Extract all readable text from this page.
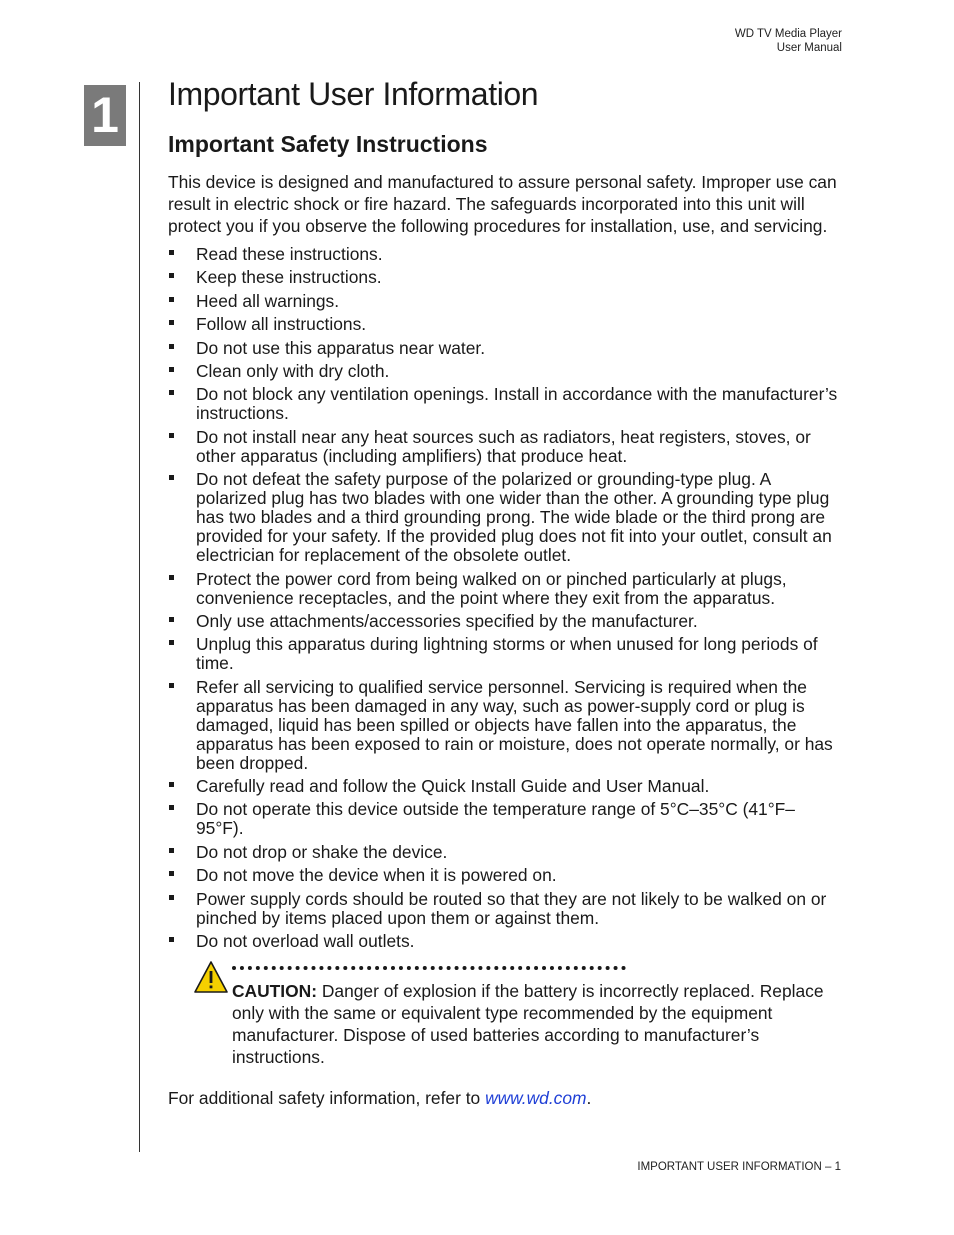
WD TV Media Player
User Manual
1 Important User Information
Important Safety Instructions

This device is designed and manufactured to assure personal safety. Improper use can result in electric shock or fire hazard. The safeguards incorporated into this unit will protect you if you observe the following procedures for installation, use, and servicing.

Read these instructions.
Keep these instructions.
Heed all warnings.
Follow all instructions.
Do not use this apparatus near water.
Clean only with dry cloth.
Do not block any ventilation openings. Install in accordance with the manufacturer’s instructions.
Do not install near any heat sources such as radiators, heat registers, stoves, or other apparatus (including amplifiers) that produce heat.
Do not defeat the safety purpose of the polarized or grounding-type plug. A polarized plug has two blades with one wider than the other. A grounding type plug has two blades and a third grounding prong. The wide blade or the third prong are provided for your safety. If the provided plug does not fit into your outlet, consult an electrician for replacement of the obsolete outlet.
Protect the power cord from being walked on or pinched particularly at plugs, convenience receptacles, and the point where they exit from the apparatus.
Only use attachments/accessories specified by the manufacturer.
Unplug this apparatus during lightning storms or when unused for long periods of time.
Refer all servicing to qualified service personnel. Servicing is required when the apparatus has been damaged in any way, such as power-supply cord or plug is damaged, liquid has been spilled or objects have fallen into the apparatus, the apparatus has been exposed to rain or moisture, does not operate normally, or has been dropped.
Carefully read and follow the Quick Install Guide and User Manual.
Do not operate this device outside the temperature range of 5°C–35°C (41°F–95°F).
Do not drop or shake the device.
Do not move the device when it is powered on.
Power supply cords should be routed so that they are not likely to be walked on or pinched by items placed upon them or against them.
Do not overload wall outlets.

CAUTION: Danger of explosion if the battery is incorrectly replaced. Replace only with the same or equivalent type recommended by the equipment manufacturer. Dispose of used batteries according to manufacturer’s instructions.

For additional safety information, refer to www.wd.com.

IMPORTANT USER INFORMATION – 1
